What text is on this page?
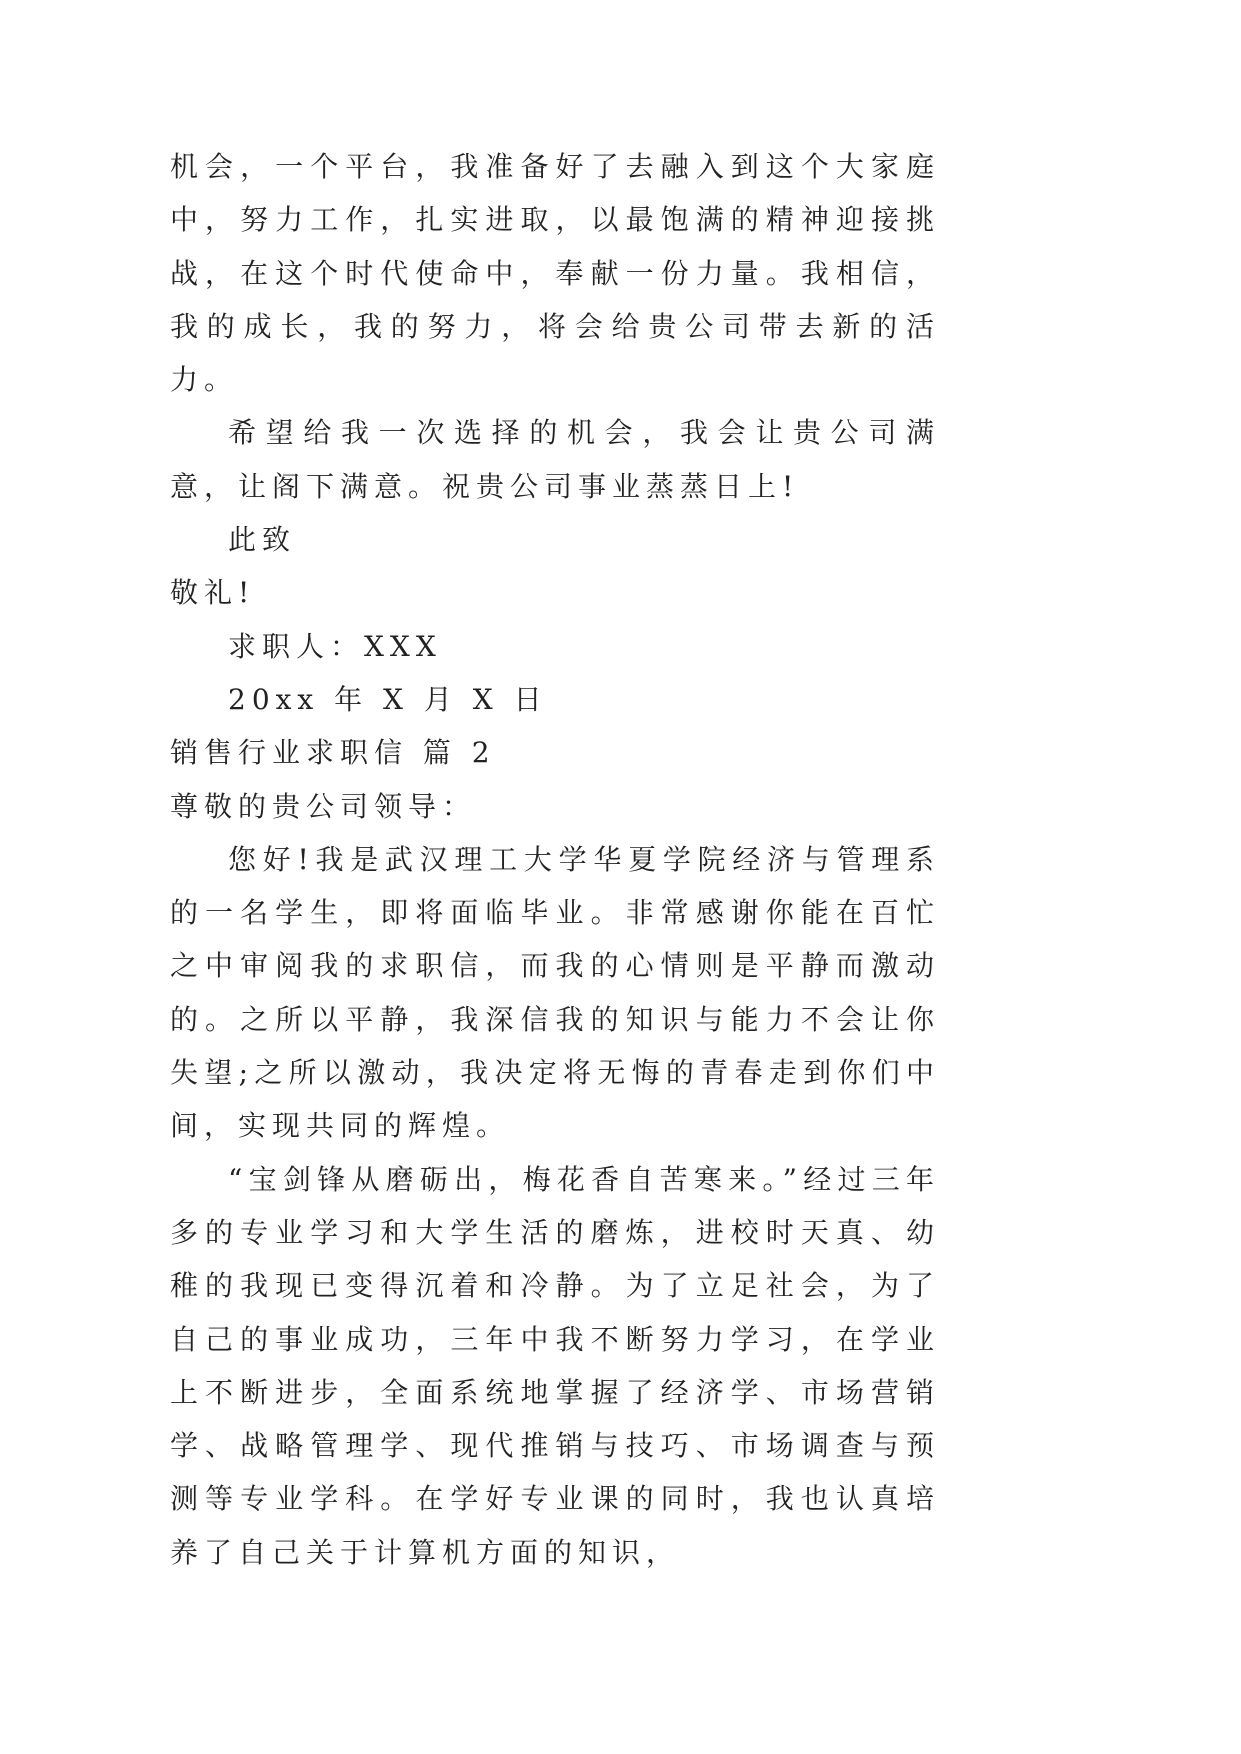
机会，一个平台，我准备好了去融入到这个大家庭中，努力工作，扎实进取，以最饱满的精神迎接挑战，在这个时代使命中，奉献一份力量。我相信，我的成长，我的努力，将会给贵公司带去新的活力。

希望给我一次选择的机会，我会让贵公司满意，让阁下满意。祝贵公司事业蒸蒸日上!

此致

敬礼!

求职人：XXX

20xx 年 X 月 X 日

销售行业求职信 篇 2

尊敬的贵公司领导：

您好!我是武汉理工大学华夏学院经济与管理系的一名学生，即将面临毕业。非常感谢你能在百忙之中审阅我的求职信，而我的心情则是平静而激动的。之所以平静，我深信我的知识与能力不会让你失望;之所以激动，我决定将无悔的青春走到你们中间，实现共同的辉煌。

“宝剑锋从磨砺出，梅花香自苦寒来。”经过三年多的专业学习和大学生活的磨炼，进校时天真、幼稚的我现已变得沉着和冷静。为了立足社会，为了自己的事业成功，三年中我不断努力学习，在学业上不断进步，全面系统地掌握了经济学、市场营销学、战略管理学、现代推销与技巧、市场调查与预测等专业学科。在学好专业课的同时，我也认真培养了自己关于计算机方面的知识，
